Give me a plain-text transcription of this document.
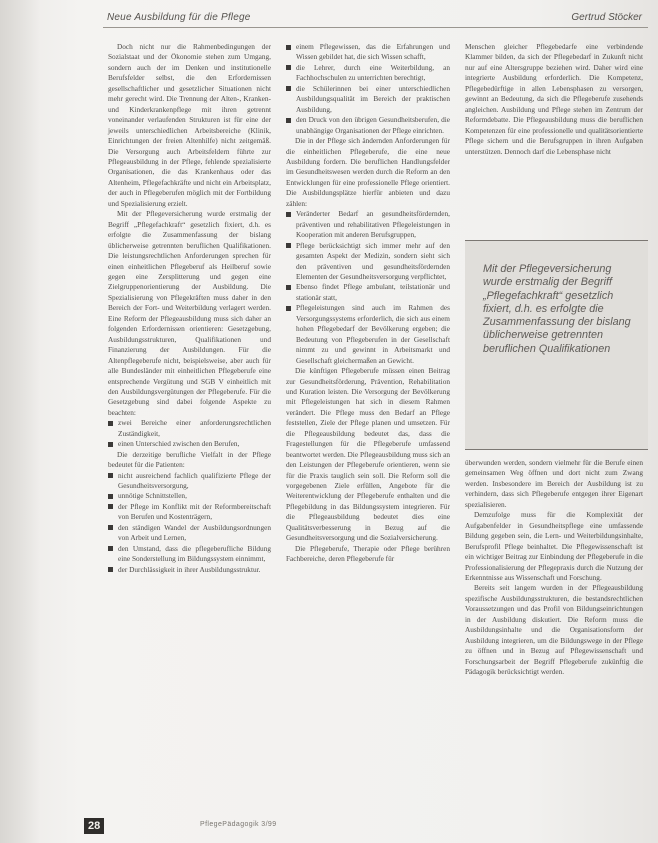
Neue Ausbildung für die Pflege	Gertrud Stöcker

Doch nicht nur die Rahmenbedingungen der Sozialstaat und der Ökonomie stehen zum Umgang, sondern auch der im Denken und institutionelle Berufsfelder selbst, die den Erfordernissen gesellschaftlicher und gesetzlicher Situationen nicht mehr gerecht wird. Die Trennung der Alten-, Kranken- und Kinderkrankenpflege mit ihren getrennt voneinander verlaufenden Strukturen ist für eine der jeweils unterschiedlichen Arbeitsbereiche (Klinik, Einrichtungen der freien Altenhilfe) nicht zeitgemäß. Die Versorgung auch Arbeitsfeldern führte zur Pflegeausbildung in der Pflege, fehlende spezialisierte Organisationen, die das Krankenhaus oder das Altenheim, Pflegefachkräfte und nicht ein Arbeitsplatz, der auch in Pflegeberufen möglich mit der Fortbildung und Spezialisierung erzielt.

Mit der Pflegeversicherung wurde erstmalig der Begriff „Pflegefachkraft“ gesetzlich fixiert, d.h. es erfolgte die Zusammenfassung der bislang üblicherweise getrennten beruflichen Qualifikationen. Die leistungsrechtlichen Anforderungen sprechen für einen einheitlichen Pflegeberuf als Heilberuf sowie gegen eine Zersplitterung und gegen eine Zielgruppenorientierung der Ausbildung. Die Spezialisierung von Pflegekräften muss daher in den Bereich der Fort- und Weiterbildung verlagert werden. Eine Reform der Pflegeausbildung muss sich daher an folgenden Erfordernissen orientieren: Gesetzgebung, Ausbildungsstrukturen, Qualifikationen und Finanzierung der Ausbildungen. Für die Altenpflegeberufe nicht, beispielsweise, aber auch für alle Bundesländer mit einheitlichen Pflegeberufe eine entsprechende Vergütung und SGB V einheitlich mit den Ausbildungsvergütungen der Pflegeberufe. Für die Gesetzgebung sind dabei folgende Aspekte zu beachten:

zwei Bereiche einer anforderungsrechtlichen Zuständigkeit,
einen Unterschied zwischen den Berufen,

Die derzeitige berufliche Vielfalt in der Pflege bedeutet für die Patienten:

nicht ausreichend fachlich qualifizierte Pflege der Gesundheitsversorgung,
unnötige Schnittstellen,
der Pflege im Konflikt mit der Reformbereitschaft von Berufen und Kostenträgern,
den ständigen Wandel der Ausbildungsordnungen von Arbeit und Lernen,
den Umstand, dass die pflegeberufliche Bildung eine Sonderstellung im Bildungssystem einnimmt,
der Durchlässigkeit in ihrer Ausbildungsstruktur.
einem Pflegewissen, das die Erfahrungen und Wissen gebildet hat, die sich Wissen schafft,
die Lehrer, durch eine Weiterbildung, an Fachhochschulen zu unterrichten berechtigt,
die Schülerinnen bei einer unterschiedlichen Ausbildungsqualität im Bereich der praktischen Ausbildung,
den Druck von den übrigen Gesundheitsberufen, die unabhängige Organisationen der Pflege einrichten.

Die in der Pflege sich ändernden Anforderungen für die einheitlichen Pflegeberufe, die eine neue Ausbildung fordern. Die beruflichen Handlungsfelder im Gesundheitswesen werden durch die Reform an den Entwicklungen für eine professionelle Pflege orientiert. Die Ausbildungsplätze hierfür anbieten und dazu zählen:

Veränderter Bedarf an gesundheitsfördernden, präventiven und rehabilitativen Pflegeleistungen in Kooperation mit anderen Berufsgruppen,
Pflege berücksichtigt sich immer mehr auf den gesamten Aspekt der Medizin, sondern sieht sich den präventiven und gesundheitsfördernden Elementen der Gesundheitsversorgung verpflichtet,
Ebenso findet Pflege ambulant, teilstationär und stationär statt,
Pflegeleistungen sind auch im Rahmen des Versorgungssystems erforderlich, die sich aus einem hohen Pflegebedarf der Bevölkerung ergeben; die Bedeutung von Pflegeberufen in der Gesellschaft nimmt zu und gewinnt in Arbeitsmarkt und Gesellschaft gleichermaßen an Gewicht.

Die künftigen Pflegeberufe müssen einen Beitrag zur Gesundheitsförderung, Prävention, Rehabilitation und Kuration leisten. Die Versorgung der Bevölkerung mit Pflegeleistungen hat sich in diesem Rahmen verändert. Die Pflege muss den Bedarf an Pflege feststellen, Ziele der Pflege planen und umsetzen. Für die Pflegeausbildung bedeutet das, dass die Fragestellungen für die Pflegeberufe umfassend beantwortet werden. Die Pflegeausbildung muss sich an den Leistungen der Pflegeberufe orientieren, wenn sie für die Praxis tauglich sein soll. Die Reform soll die vorgegebenen Ziele erfüllen, Angebote für die Weiterentwicklung der Pflegeberufe enthalten und die Pflegebildung in das Bildungssystem integrieren. Für die Pflegeausbildung bedeutet dies eine Qualitätsverbesserung in Bezug auf die Gesundheitsversorgung und die Sozialversicherung.

Die Pflegeberufe, Therapie oder Pflege berühren Fachbereiche, deren Pflegeberufe für

Menschen gleicher Pflegebedarfe eine verbindende Klammer bilden, da sich der Pflegebedarf in Zukunft nicht nur auf eine Altersgruppe beziehen wird. Daher wird eine integrierte Ausbildung erforderlich. Die Kompetenz, Pflegebedürftige in allen Lebensphasen zu versorgen, gewinnt an Bedeutung, da sich die Pflegeberufe zusehends angleichen. Ausbildung und Pflege stehen im Zentrum der Reformdebatte. Die Pflegeausbildung muss die beruflichen Kompetenzen für eine professionelle und qualitätsorientierte Pflege sichern und die Berufsgruppen in ihren Aufgaben unterstützen. Dennoch darf die Lebensphase nicht

Mit der Pflegeversicherung wurde erstmalig der Begriff „Pflegefachkraft“ gesetzlich fixiert, d.h. es erfolgte die Zusammenfassung der bislang üblicherweise getrennten beruflichen Qualifikationen

überwunden werden, sondern vielmehr für die Berufe einen gemeinsamen Weg öffnen und dort nicht zum Zwang werden. Insbesondere im Bereich der Ausbildung ist zu verhindern, dass sich Pflegeberufe entgegen ihrer Eigenart spezialisieren.

Demzufolge muss für die Komplexität der Aufgabenfelder in Gesundheitspflege eine umfassende Bildung gegeben sein, die Lern- und Weiterbildungsinhalte, Berufsprofil Pflege beinhaltet. Die Pflegewissenschaft ist ein wichtiger Beitrag zur Einbindung der Pflegeberufe in die Professionalisierung der Pflegepraxis durch die Nutzung der Erkenntnisse aus Wissenschaft und Forschung.

Bereits seit langem wurden in der Pflegeausbildung spezifische Ausbildungsstrukturen, die bestandsrechtlichen Voraussetzungen und das Profil von Bildungseinrichtungen in der Ausbildung diskutiert. Die Reform muss die Ausbildungsinhalte und die Organisationsform der Ausbildung integrieren, um die Bildungswege in der Pflege zu öffnen und in Bezug auf Pflegewissenschaft und Forschungsarbeit der Begriff Pflegeberufe zukünftig die Pädagogik berücksichtigt werden.

28	PflegePädagogik 3/99
